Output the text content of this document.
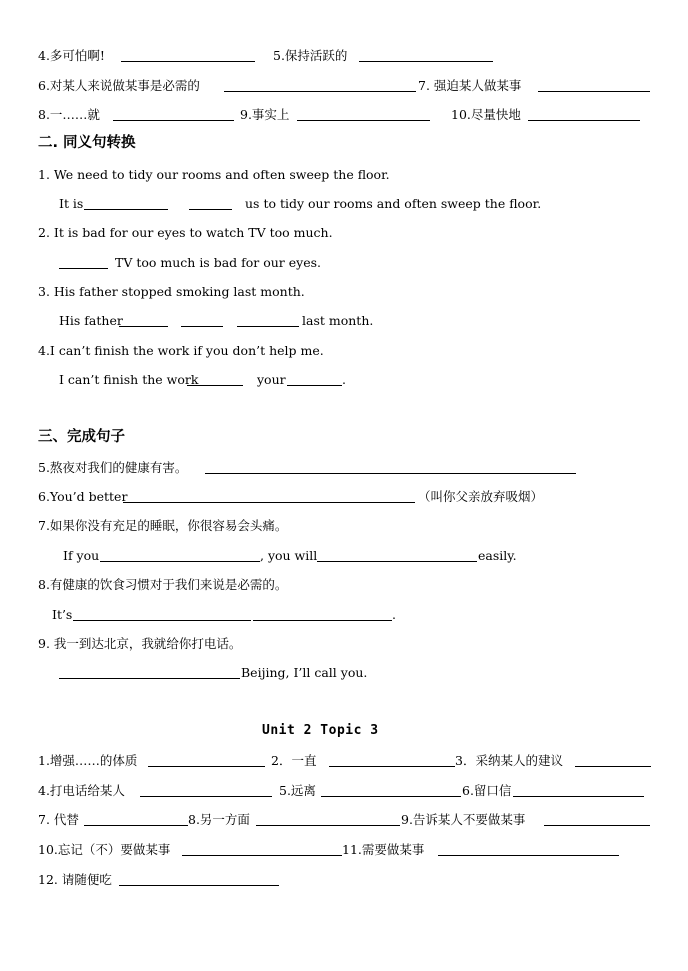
4.多可怕啊!	5.保持活跃的
6.对某人来说做某事是必需的	7. 强迫某人做某事
8.一……就	9.事实上	10.尽量快地
二. 同义句转换
1. We need to tidy our rooms and often sweep the floor.
It is	us to tidy our rooms and often sweep the floor.
2. It is bad for our eyes to watch TV too much.
TV too much is bad for our eyes.
3. His father stopped smoking last month.
His father	last month.
4.I can’t finish the work if you don’t help me.
I can’t finish the work	your	.
三、完成句子
5.熬夜对我们的健康有害。
6.You’d better	（叫你父亲放弃吸烟）
7.如果你没有充足的睡眠，你很容易会头痛。
If you	, you will	easily.
8.有健康的饮食习惯对于我们来说是必需的。
It’s	.
9. 我一到达北京，我就给你打电话。
Beijing, I’ll call you.
Unit 2 Topic 3
1.增强……的体质	2．一直	3．采纳某人的建议
4.打电话给某人	5.远离	6.留口信
7. 代替	8.另一方面	9.告诉某人不要做某事
10.忘记（不）要做某事	11.需要做某事
12. 请随便吃
